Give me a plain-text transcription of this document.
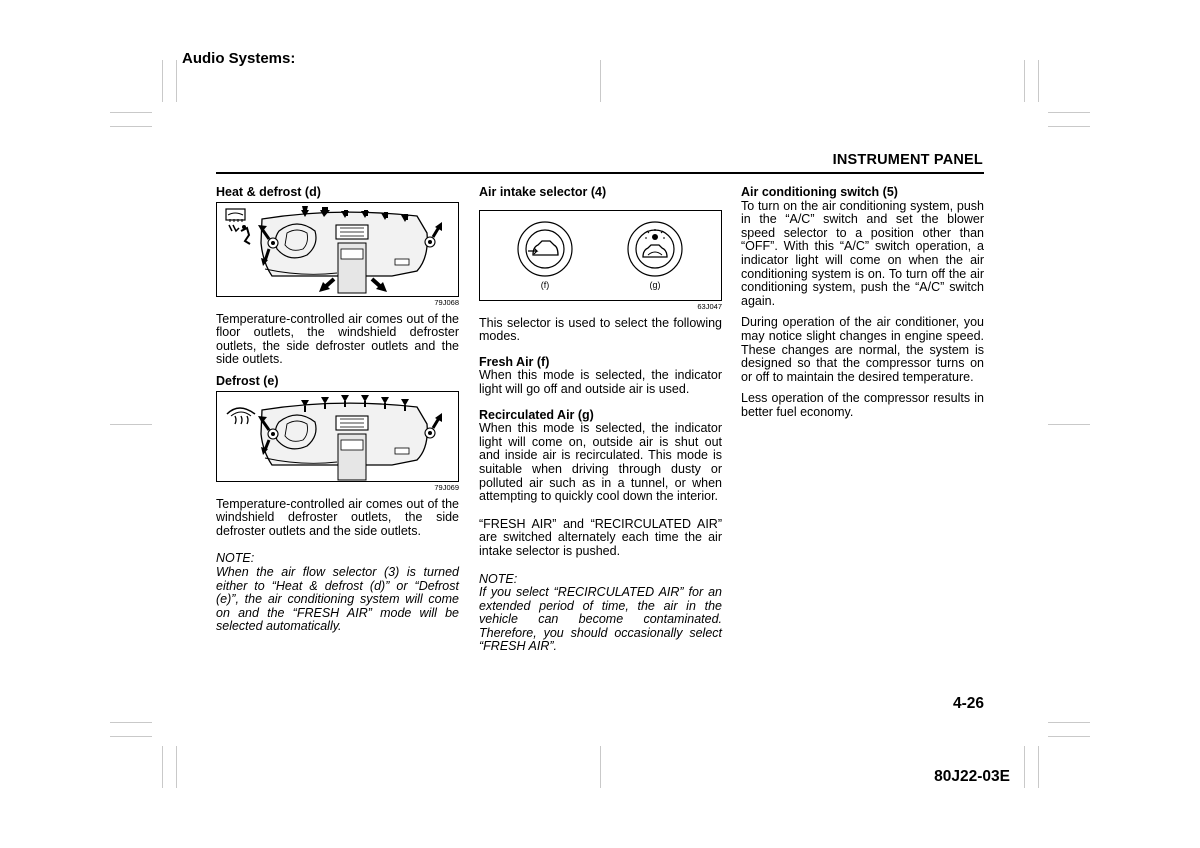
Audio Systems:
INSTRUMENT PANEL

Heat & defrost (d)

79J068

Temperature-controlled air comes out of the floor outlets, the windshield defroster outlets, the side defroster outlets and the side outlets.

Defrost (e)

79J069

Temperature-controlled air comes out of the windshield defroster outlets, the side defroster outlets and the side outlets.

NOTE:

When the air flow selector (3) is turned either to “Heat & defrost (d)” or “Defrost (e)”, the air conditioning system will come on and the “FRESH AIR” mode will be selected automatically.

Air intake selector (4)

(f)	(g)
63J047

This selector is used to select the following modes.

Fresh Air (f)

When this mode is selected, the indicator light will go off and outside air is used.

Recirculated Air (g)

When this mode is selected, the indicator light will come on, outside air is shut out and inside air is recirculated. This mode is suitable when driving through dusty or polluted air such as in a tunnel, or when attempting to quickly cool down the interior.

“FRESH AIR” and “RECIRCULATED AIR” are switched alternately each time the air intake selector is pushed.

NOTE:

If you select “RECIRCULATED AIR” for an extended period of time, the air in the vehicle can become contaminated. Therefore, you should occasionally select “FRESH AIR”.

Air conditioning switch (5)

To turn on the air conditioning system, push in the “A/C” switch and set the blower speed selector to a position other than “OFF”. With this “A/C” switch operation, a indicator light will come on when the air conditioning system is on. To turn off the air conditioning system, push the “A/C” switch again.

During operation of the air conditioner, you may notice slight changes in engine speed. These changes are normal, the system is designed so that the compressor turns on or off to maintain the desired temperature.

Less operation of the compressor results in better fuel economy.

4-26
80J22-03E
